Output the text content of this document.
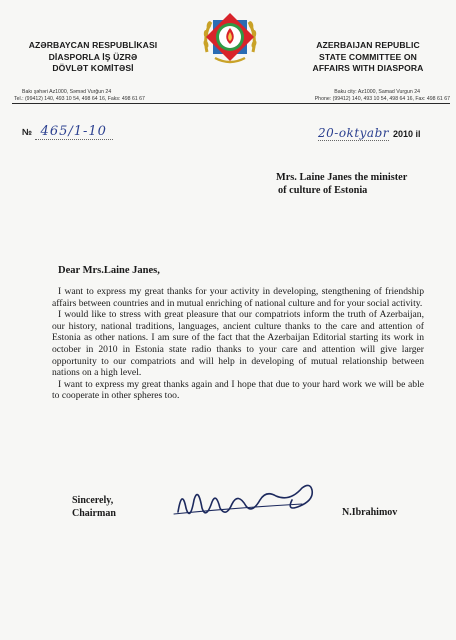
AZƏRBAYCAN RESPUBLİKASI
DİASPORLA İŞ ÜZRƏ
DÖVLƏT KOMİTƏSİ
AZERBAIJAN REPUBLIC
STATE COMMITTEE ON
AFFAIRS WITH DIASPORA
Bakı şəhəri Az1000, Səməd Vurğun 24
Tel.: (99412) 140, 493 10 54, 498 64 16, Faks: 498 61 67
Baku city: Az1000, Samad Vurgun 24
Phone: (99412) 140, 493 10 54, 498 64 16, Fax: 498 61 67
№ 465/1-10	20-oktyabr 2010 il
Mrs. Laine Janes the minister
of culture of Estonia
Dear Mrs.Laine Janes,

I want to express my great thanks for your activity in developing, stengthening of friendship affairs between countries and in mutual enriching of national culture and for your social activity.

I would like to stress with great pleasure that our compatriots inform the truth of Azerbaijan, our history, national traditions, languages, ancient culture thanks to the care and attention of Estonia as other nations. I am sure of the fact that the Azerbaijan Editorial starting its work in october in 2010 in Estonia state radio thanks to your care and attention will give larger opportunity to our compatriots and will help in developing of mutual relationship between nations on a high level.

I want to express my great thanks again and I hope that due to your hard work we will be able to cooperate in other spheres too.

Sincerely,
Chairman	N.Ibrahimov
